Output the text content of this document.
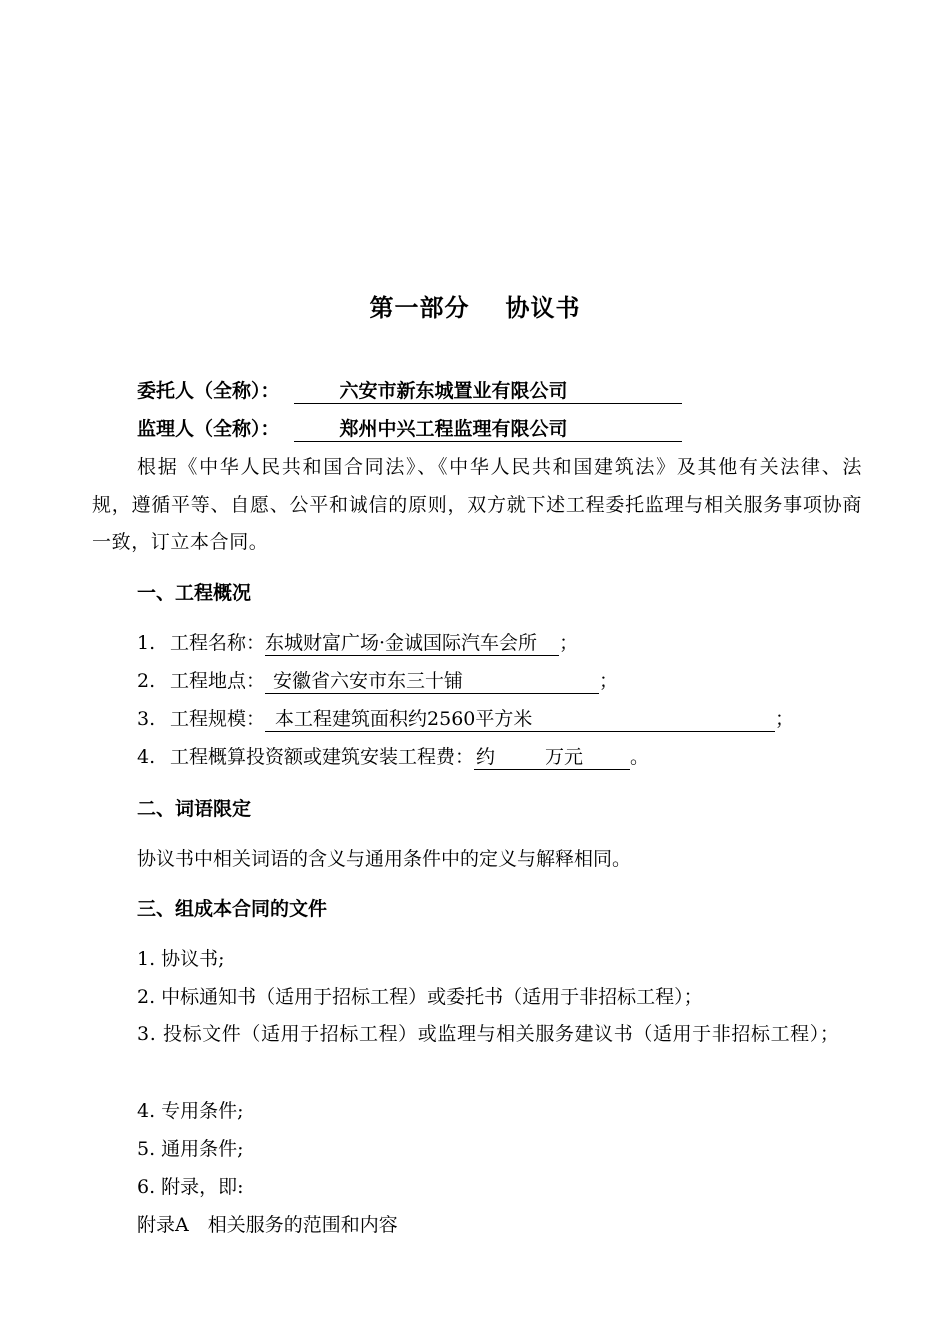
第一部分 协议书
委托人（全称）：	六安市新东城置业有限公司
监理人（全称）：	郑州中兴工程监理有限公司
根据《中华人民共和国合同法》、《中华人民共和国建筑法》及其他有关法律、法规，遵循平等、自愿、公平和诚信的原则，双方就下述工程委托监理与相关服务事项协商一致，订立本合同。
一、工程概况
1. 工程名称：东城财富广场·金诚国际汽车会所 ；
2. 工程地点： 安徽省六安市东三十铺	；
3. 工程规模： 本工程建筑面积约2560平方米	；
4. 工程概算投资额或建筑安装工程费： 约	万元 。
二、词语限定
协议书中相关词语的含义与通用条件中的定义与解释相同。
三、组成本合同的文件
1. 协议书;
2. 中标通知书（适用于招标工程）或委托书（适用于非招标工程）；
3. 投标文件（适用于招标工程）或监理与相关服务建议书（适用于非招标工程）；
4. 专用条件;
5. 通用条件;
6. 附录，即:
附录A　相关服务的范围和内容
